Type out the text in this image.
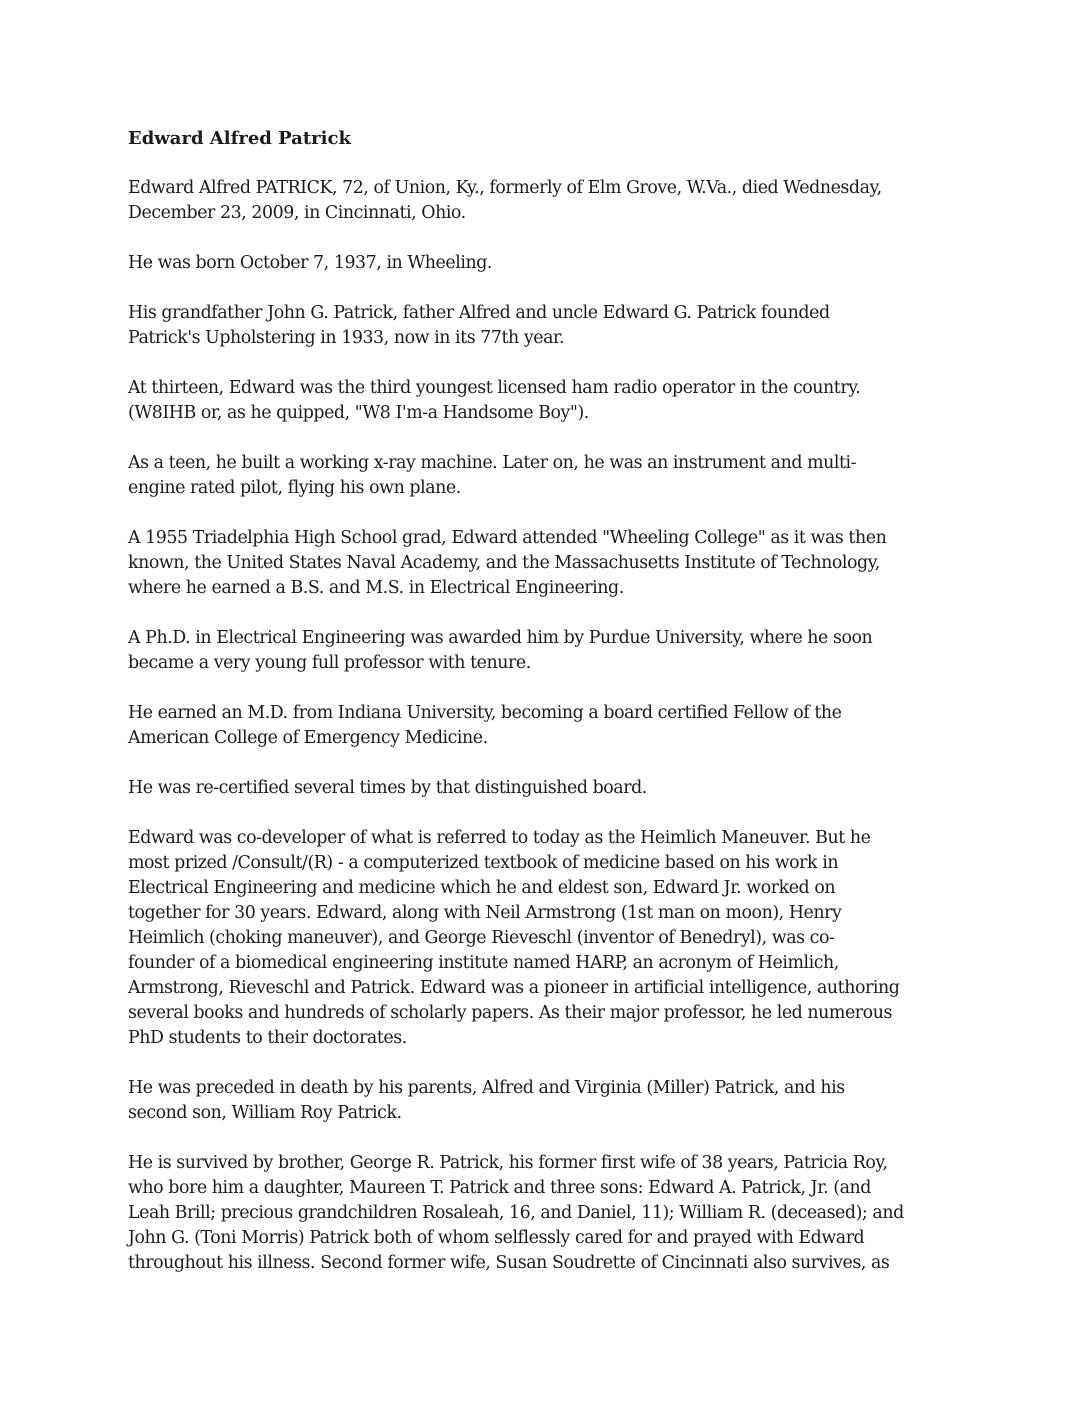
Edward Alfred Patrick
Edward Alfred PATRICK, 72, of Union, Ky., formerly of Elm Grove, W.Va., died Wednesday,
December 23, 2009, in Cincinnati, Ohio.
He was born October 7, 1937, in Wheeling.
His grandfather John G. Patrick, father Alfred and uncle Edward G. Patrick founded
Patrick's Upholstering in 1933, now in its 77th year.
At thirteen, Edward was the third youngest licensed ham radio operator in the country.
(W8IHB or, as he quipped, "W8 I'm-a Handsome Boy").
As a teen, he built a working x-ray machine. Later on, he was an instrument and multi-
engine rated pilot, flying his own plane.
A 1955 Triadelphia High School grad, Edward attended "Wheeling College" as it was then
known, the United States Naval Academy, and the Massachusetts Institute of Technology,
where he earned a B.S. and M.S. in Electrical Engineering.
A Ph.D. in Electrical Engineering was awarded him by Purdue University, where he soon
became a very young full professor with tenure.
He earned an M.D. from Indiana University, becoming a board certified Fellow of the
American College of Emergency Medicine.
He was re-certified several times by that distinguished board.
Edward was co-developer of what is referred to today as the Heimlich Maneuver. But he
most prized /Consult/(R) - a computerized textbook of medicine based on his work in
Electrical Engineering and medicine which he and eldest son, Edward Jr. worked on
together for 30 years. Edward, along with Neil Armstrong (1st man on moon), Henry
Heimlich (choking maneuver), and George Rieveschl (inventor of Benedryl), was co-
founder of a biomedical engineering institute named HARP, an acronym of Heimlich,
Armstrong, Rieveschl and Patrick. Edward was a pioneer in artificial intelligence, authoring
several books and hundreds of scholarly papers. As their major professor, he led numerous
PhD students to their doctorates.
He was preceded in death by his parents, Alfred and Virginia (Miller) Patrick, and his
second son, William Roy Patrick.
He is survived by brother, George R. Patrick, his former first wife of 38 years, Patricia Roy,
who bore him a daughter, Maureen T. Patrick and three sons: Edward A. Patrick, Jr. (and
Leah Brill; precious grandchildren Rosaleah, 16, and Daniel, 11); William R. (deceased); and
John G. (Toni Morris) Patrick both of whom selflessly cared for and prayed with Edward
throughout his illness. Second former wife, Susan Soudrette of Cincinnati also survives, as
